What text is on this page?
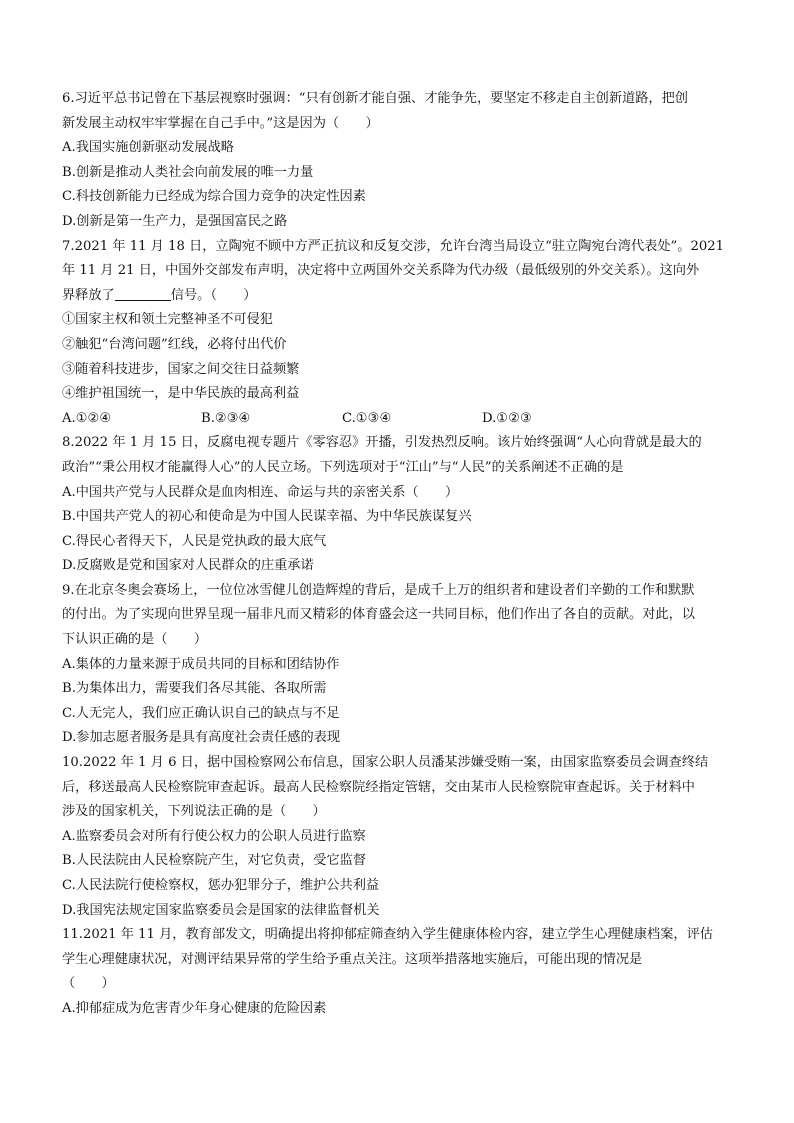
6.习近平总书记曾在下基层视察时强调：“只有创新才能自强、才能争先，要坚定不移走自主创新道路，把创
新发展主动权牢牢掌握在自己手中。”这是因为（　　）
A.我国实施创新驱动发展战略
B.创新是推动人类社会向前发展的唯一力量
C.科技创新能力已经成为综合国力竞争的决定性因素
D.创新是第一生产力，是强国富民之路
7.2021 年 11 月 18 日，立陶宛不顾中方严正抗议和反复交涉，允许台湾当局设立“驻立陶宛台湾代表处”。2021
年 11 月 21 日，中国外交部发布声明，决定将中立两国外交关系降为代办级（最低级别的外交关系）。这向外
界释放了	信号。（　　）
①国家主权和领土完整神圣不可侵犯
②触犯“台湾问题”红线，必将付出代价
③随着科技进步，国家之间交往日益频繁
④维护祖国统一，是中华民族的最高利益
A.①②④	B.②③④	C.①③④	D.①②③
8.2022 年 1 月 15 日，反腐电视专题片《零容忍》开播，引发热烈反响。该片始终强调“人心向背就是最大的
政治”“秉公用权才能赢得人心”的人民立场。下列选项对于“江山”与“人民”的关系阐述不正确的是
A.中国共产党与人民群众是血肉相连、命运与共的亲密关系（　　）
B.中国共产党人的初心和使命是为中国人民谋幸福、为中华民族谋复兴
C.得民心者得天下，人民是党执政的最大底气
D.反腐败是党和国家对人民群众的庄重承诺
9.在北京冬奥会赛场上，一位位冰雪健儿创造辉煌的背后，是成千上万的组织者和建设者们辛勤的工作和默默
的付出。为了实现向世界呈现一届非凡而又精彩的体育盛会这一共同目标，他们作出了各自的贡献。对此，以
下认识正确的是（　　）
A.集体的力量来源于成员共同的目标和团结协作
B.为集体出力，需要我们各尽其能、各取所需
C.人无完人，我们应正确认识自己的缺点与不足
D.参加志愿者服务是具有高度社会责任感的表现
10.2022 年 1 月 6 日，据中国检察网公布信息，国家公职人员潘某涉嫌受贿一案，由国家监察委员会调查终结
后，移送最高人民检察院审查起诉。最高人民检察院经指定管辖，交由某市人民检察院审查起诉。关于材料中
涉及的国家机关，下列说法正确的是（　　）
A.监察委员会对所有行使公权力的公职人员进行监察
B.人民法院由人民检察院产生，对它负责，受它监督
C.人民法院行使检察权，惩办犯罪分子，维护公共利益
D.我国宪法规定国家监察委员会是国家的法律监督机关
11.2021 年 11 月，教育部发文，明确提出将抑郁症筛查纳入学生健康体检内容，建立学生心理健康档案，评估
学生心理健康状况，对测评结果异常的学生给予重点关注。这项举措落地实施后，可能出现的情况是
（　　）
A.抑郁症成为危害青少年身心健康的危险因素
